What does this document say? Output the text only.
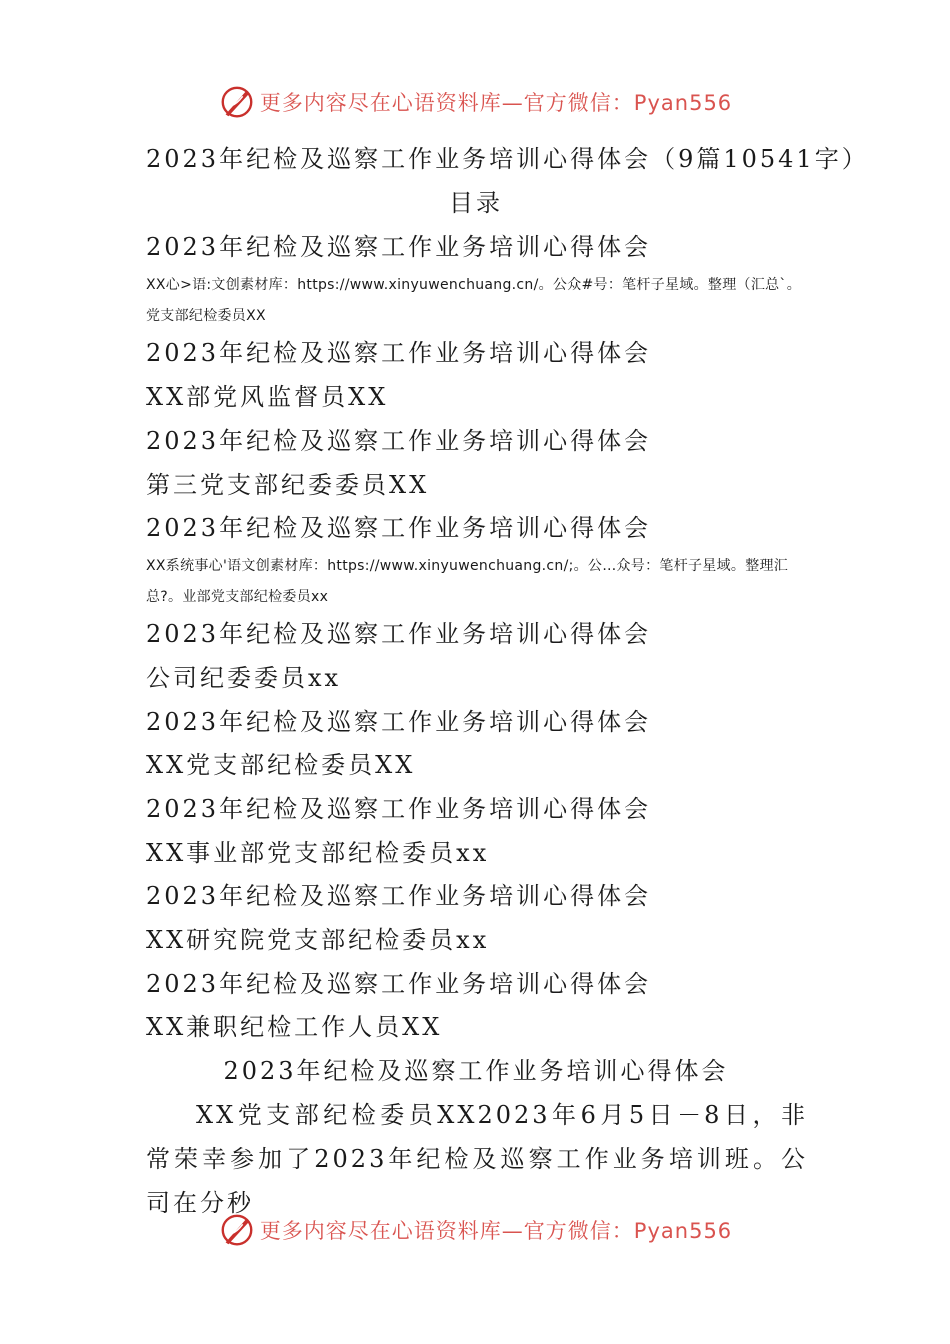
更多内容尽在心语资料库—官方微信：Pyan556
2023年纪检及巡察工作业务培训心得体会（9篇10541字）
目录
2023年纪检及巡察工作业务培训心得体会
XX心>语:文创素材库：https://www.xinyuwenchuang.cn/。公众#号：笔杆子星域。整理（汇总`。党支部纪检委员XX
2023年纪检及巡察工作业务培训心得体会
XX部党风监督员XX
2023年纪检及巡察工作业务培训心得体会
第三党支部纪委委员XX
2023年纪检及巡察工作业务培训心得体会
XX系统事心'语文创素材库：https://www.xinyuwenchuang.cn/;。公…众号：笔杆子星域。整理汇总?。业部党支部纪检委员xx
2023年纪检及巡察工作业务培训心得体会
公司纪委委员xx
2023年纪检及巡察工作业务培训心得体会
XX党支部纪检委员XX
2023年纪检及巡察工作业务培训心得体会
XX事业部党支部纪检委员xx
2023年纪检及巡察工作业务培训心得体会
XX研究院党支部纪检委员xx
2023年纪检及巡察工作业务培训心得体会
XX兼职纪检工作人员XX
2023年纪检及巡察工作业务培训心得体会
XX党支部纪检委员XX2023年6月5日－8日，非常荣幸参加了2023年纪检及巡察工作业务培训班。公司在分秒
更多内容尽在心语资料库—官方微信：Pyan556
